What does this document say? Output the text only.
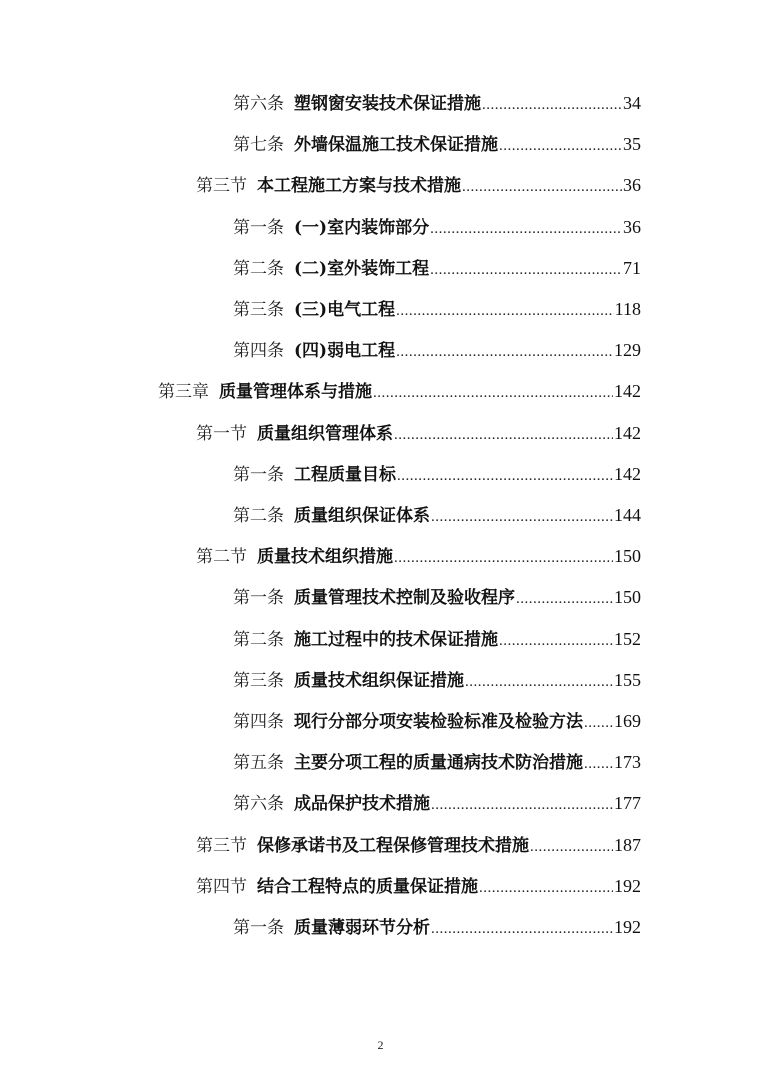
第六条 塑钢窗安装技术保证措施 .....	34
第七条 外墙保温施工技术保证措施 .....	35
第三节 本工程施工方案与技术措施 .....	36
第一条 (一)室内装饰部分 .....	36
第二条 (二)室外装饰工程 .....	71
第三条 (三)电气工程 .....	118
第四条 (四)弱电工程 .....	129
第三章 质量管理体系与措施 .....	142
第一节 质量组织管理体系 .....	142
第一条 工程质量目标 .....	142
第二条 质量组织保证体系 .....	144
第二节 质量技术组织措施 .....	150
第一条 质量管理技术控制及验收程序 .....	150
第二条 施工过程中的技术保证措施 .....	152
第三条 质量技术组织保证措施 .....	155
第四条 现行分部分项安装检验标准及检验方法 ..... 169
第五条 主要分项工程的质量通病技术防治措施 ..... 173
第六条 成品保护技术措施 .....	177
第三节 保修承诺书及工程保修管理技术措施 .....	187
第四节 结合工程特点的质量保证措施 .....	192
第一条 质量薄弱环节分析 .....	192
2
